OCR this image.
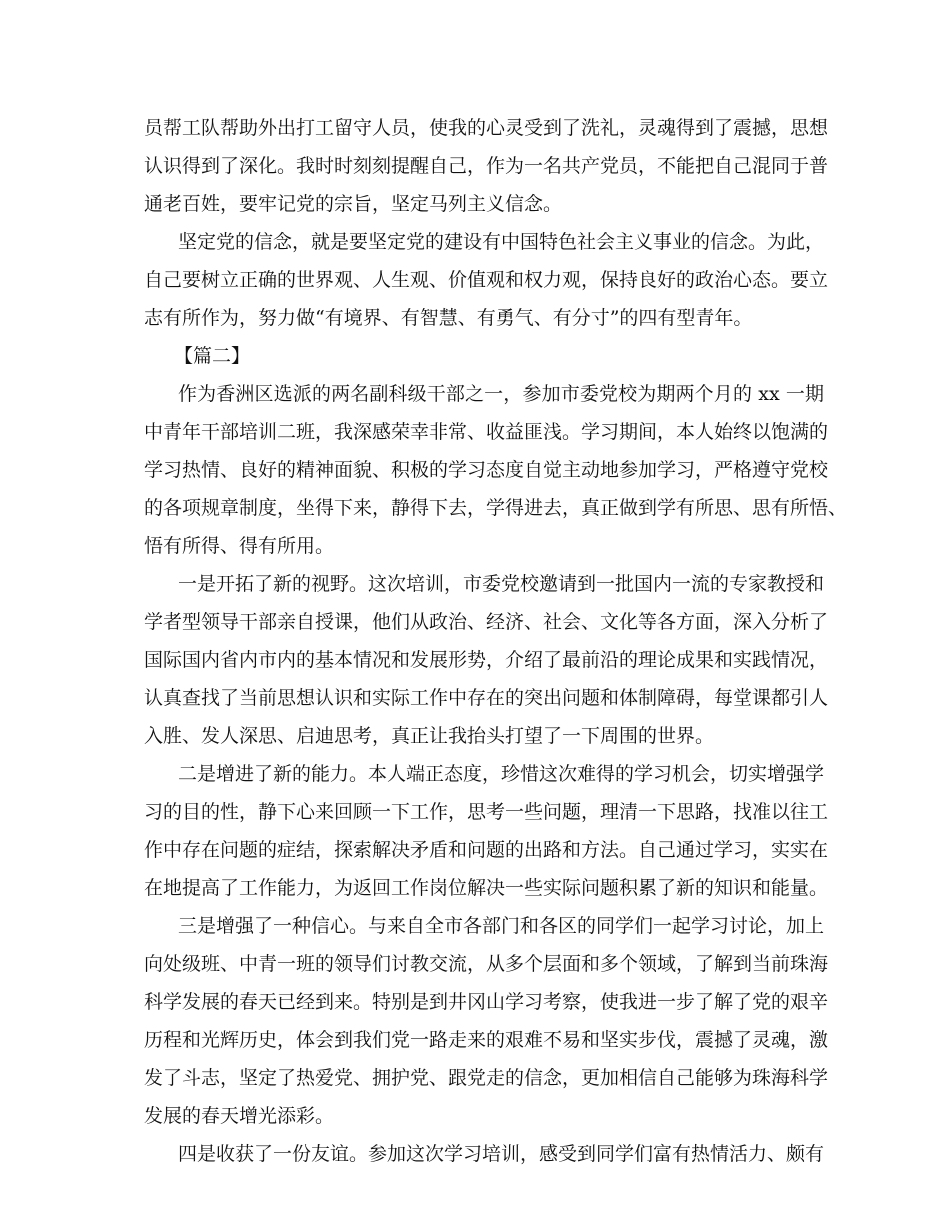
员帮工队帮助外出打工留守人员，使我的心灵受到了洗礼，灵魂得到了震撼，思想
认识得到了深化。我时时刻刻提醒自己，作为一名共产党员，不能把自己混同于普
通老百姓，要牢记党的宗旨，坚定马列主义信念。
坚定党的信念，就是要坚定党的建设有中国特色社会主义事业的信念。为此，
自己要树立正确的世界观、人生观、价值观和权力观，保持良好的政治心态。要立
志有所作为，努力做“有境界、有智慧、有勇气、有分寸”的四有型青年。
【篇二】
作为香洲区选派的两名副科级干部之一，参加市委党校为期两个月的 xx 一期
中青年干部培训二班，我深感荣幸非常、收益匪浅。学习期间，本人始终以饱满的
学习热情、良好的精神面貌、积极的学习态度自觉主动地参加学习，严格遵守党校
的各项规章制度，坐得下来，静得下去，学得进去，真正做到学有所思、思有所悟、
悟有所得、得有所用。
一是开拓了新的视野。这次培训，市委党校邀请到一批国内一流的专家教授和
学者型领导干部亲自授课，他们从政治、经济、社会、文化等各方面，深入分析了
国际国内省内市内的基本情况和发展形势，介绍了最前沿的理论成果和实践情况，
认真查找了当前思想认识和实际工作中存在的突出问题和体制障碍，每堂课都引人
入胜、发人深思、启迪思考，真正让我抬头打望了一下周围的世界。
二是增进了新的能力。本人端正态度，珍惜这次难得的学习机会，切实增强学
习的目的性，静下心来回顾一下工作，思考一些问题，理清一下思路，找准以往工
作中存在问题的症结，探索解决矛盾和问题的出路和方法。自己通过学习，实实在
在地提高了工作能力，为返回工作岗位解决一些实际问题积累了新的知识和能量。
三是增强了一种信心。与来自全市各部门和各区的同学们一起学习讨论，加上
向处级班、中青一班的领导们讨教交流，从多个层面和多个领域，了解到当前珠海
科学发展的春天已经到来。特别是到井冈山学习考察，使我进一步了解了党的艰辛
历程和光辉历史，体会到我们党一路走来的艰难不易和坚实步伐，震撼了灵魂，激
发了斗志，坚定了热爱党、拥护党、跟党走的信念，更加相信自己能够为珠海科学
发展的春天增光添彩。
四是收获了一份友谊。参加这次学习培训，感受到同学们富有热情活力、颇有
